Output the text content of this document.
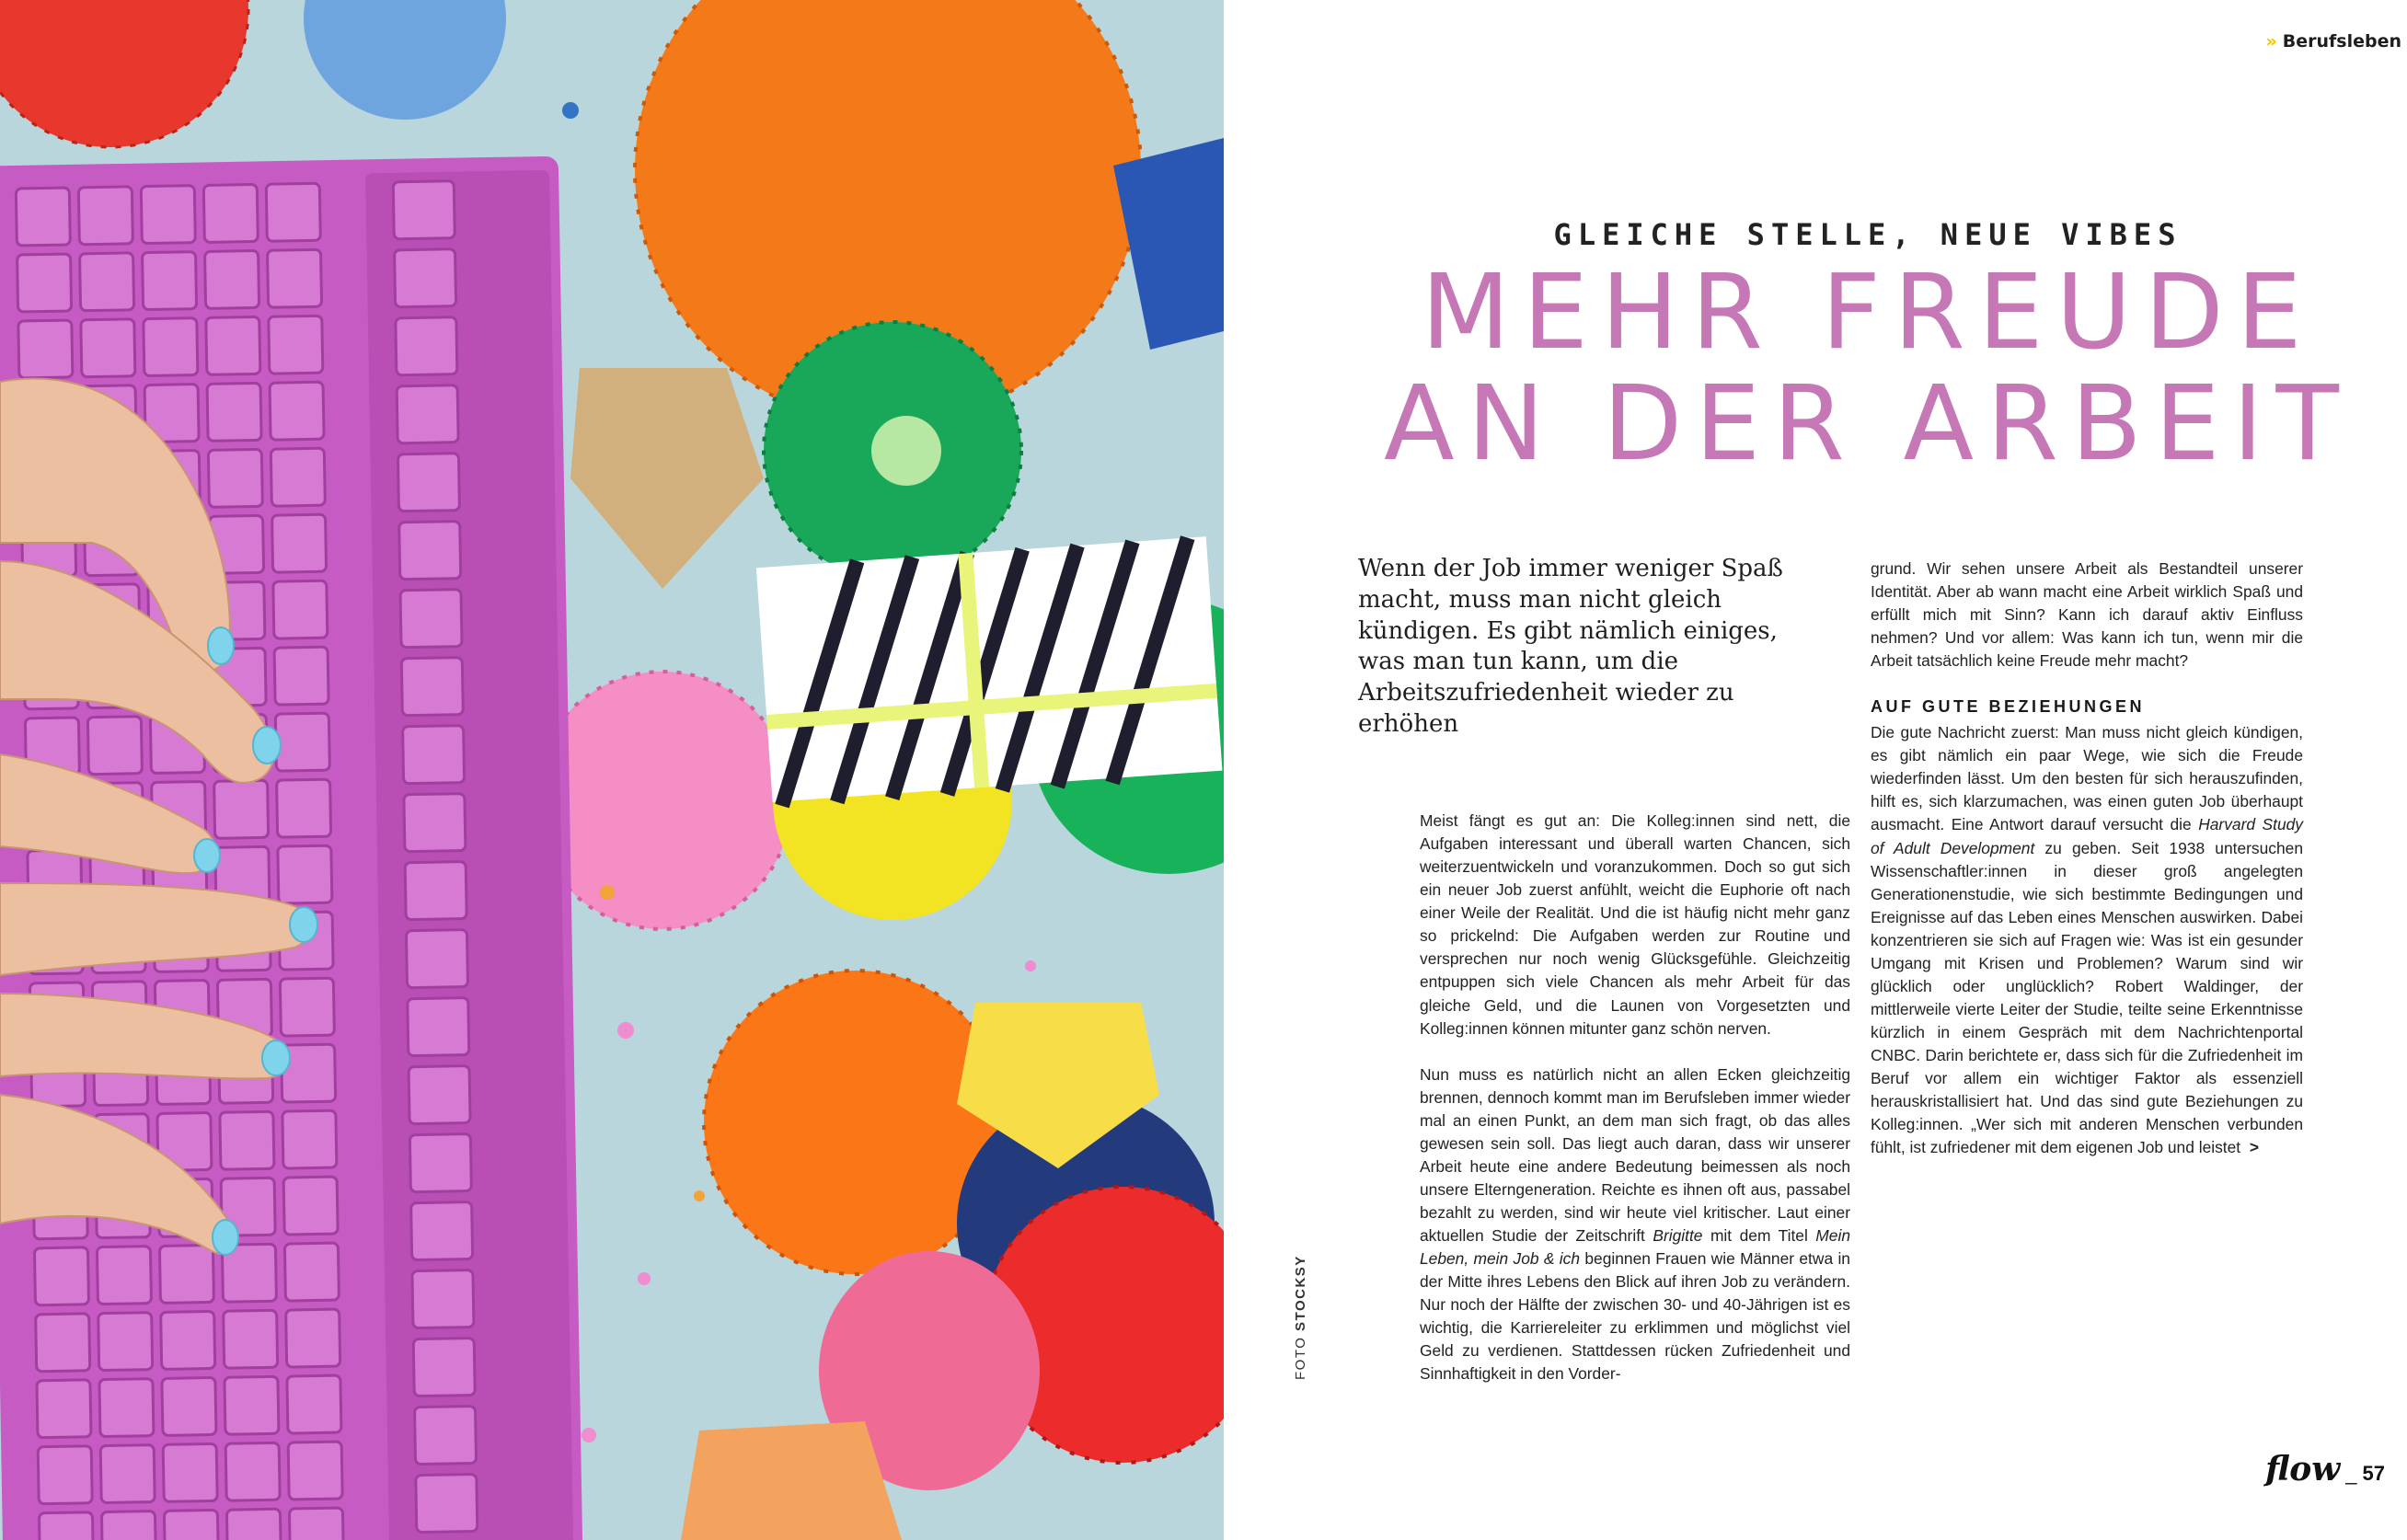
» Berufsleben
GLEICHE STELLE, NEUE VIBES
MEHR FREUDE
AN DER ARBEIT

Wenn der Job immer weniger Spaß macht, muss man nicht gleich kündigen. Es gibt nämlich einiges, was man tun kann, um die Arbeitszufriedenheit wieder zu erhöhen

Meist fängt es gut an: Die Kolleg:innen sind nett, die Aufgaben interessant und überall warten Chancen, sich weiterzuentwickeln und voranzukommen. Doch so gut sich ein neuer Job zuerst anfühlt, weicht die Euphorie oft nach einer Weile der Realität. Und die ist häufig nicht mehr ganz so prickelnd: Die Aufgaben werden zur Routine und versprechen nur noch wenig Glücksgefühle. Gleichzeitig entpuppen sich viele Chancen als mehr Arbeit für das gleiche Geld, und die Launen von Vorgesetzten und Kolleg:innen können mitunter ganz schön nerven.

Nun muss es natürlich nicht an allen Ecken gleichzeitig brennen, dennoch kommt man im Berufsleben immer wieder mal an einen Punkt, an dem man sich fragt, ob das alles gewesen sein soll. Das liegt auch daran, dass wir unserer Arbeit heute eine andere Bedeutung beimessen als noch unsere Elterngeneration. Reichte es ihnen oft aus, passabel bezahlt zu werden, sind wir heute viel kritischer. Laut einer aktuellen Studie der Zeitschrift Brigitte mit dem Titel Mein Leben, mein Job & ich beginnen Frauen wie Männer etwa in der Mitte ihres Lebens den Blick auf ihren Job zu verändern. Nur noch der Hälfte der zwischen 30- und 40-Jährigen ist es wichtig, die Karriereleiter zu erklimmen und möglichst viel Geld zu verdienen. Stattdessen rücken Zufriedenheit und Sinnhaftigkeit in den Vorder-

grund. Wir sehen unsere Arbeit als Bestandteil unserer Identität. Aber ab wann macht eine Arbeit wirklich Spaß und erfüllt mich mit Sinn? Kann ich darauf aktiv Einfluss nehmen? Und vor allem: Was kann ich tun, wenn mir die Arbeit tatsächlich keine Freude mehr macht?

AUF GUTE BEZIEHUNGEN

Die gute Nachricht zuerst: Man muss nicht gleich kündigen, es gibt nämlich ein paar Wege, wie sich die Freude wiederfinden lässt. Um den besten für sich herauszufinden, hilft es, sich klarzumachen, was einen guten Job überhaupt ausmacht. Eine Antwort darauf versucht die Harvard Study of Adult Development zu geben. Seit 1938 untersuchen Wissenschaftler:innen in dieser groß angelegten Generationenstudie, wie sich bestimmte Bedingungen und Ereignisse auf das Leben eines Menschen auswirken. Dabei konzentrieren sie sich auf Fragen wie: Was ist ein gesunder Umgang mit Krisen und Problemen? Warum sind wir glücklich oder unglücklich? Robert Waldinger, der mittlerweile vierte Leiter der Studie, teilte seine Erkenntnisse kürzlich in einem Gespräch mit dem Nachrichtenportal CNBC. Darin berichtete er, dass sich für die Zufriedenheit im Beruf vor allem ein wichtiger Faktor als essenziell herauskristallisiert hat. Und das sind gute Beziehungen zu Kolleg:innen. „Wer sich mit anderen Menschen verbunden fühlt, ist zufriedener mit dem eigenen Job und leistet >

FOTO STOCKSY
flow _ 57
